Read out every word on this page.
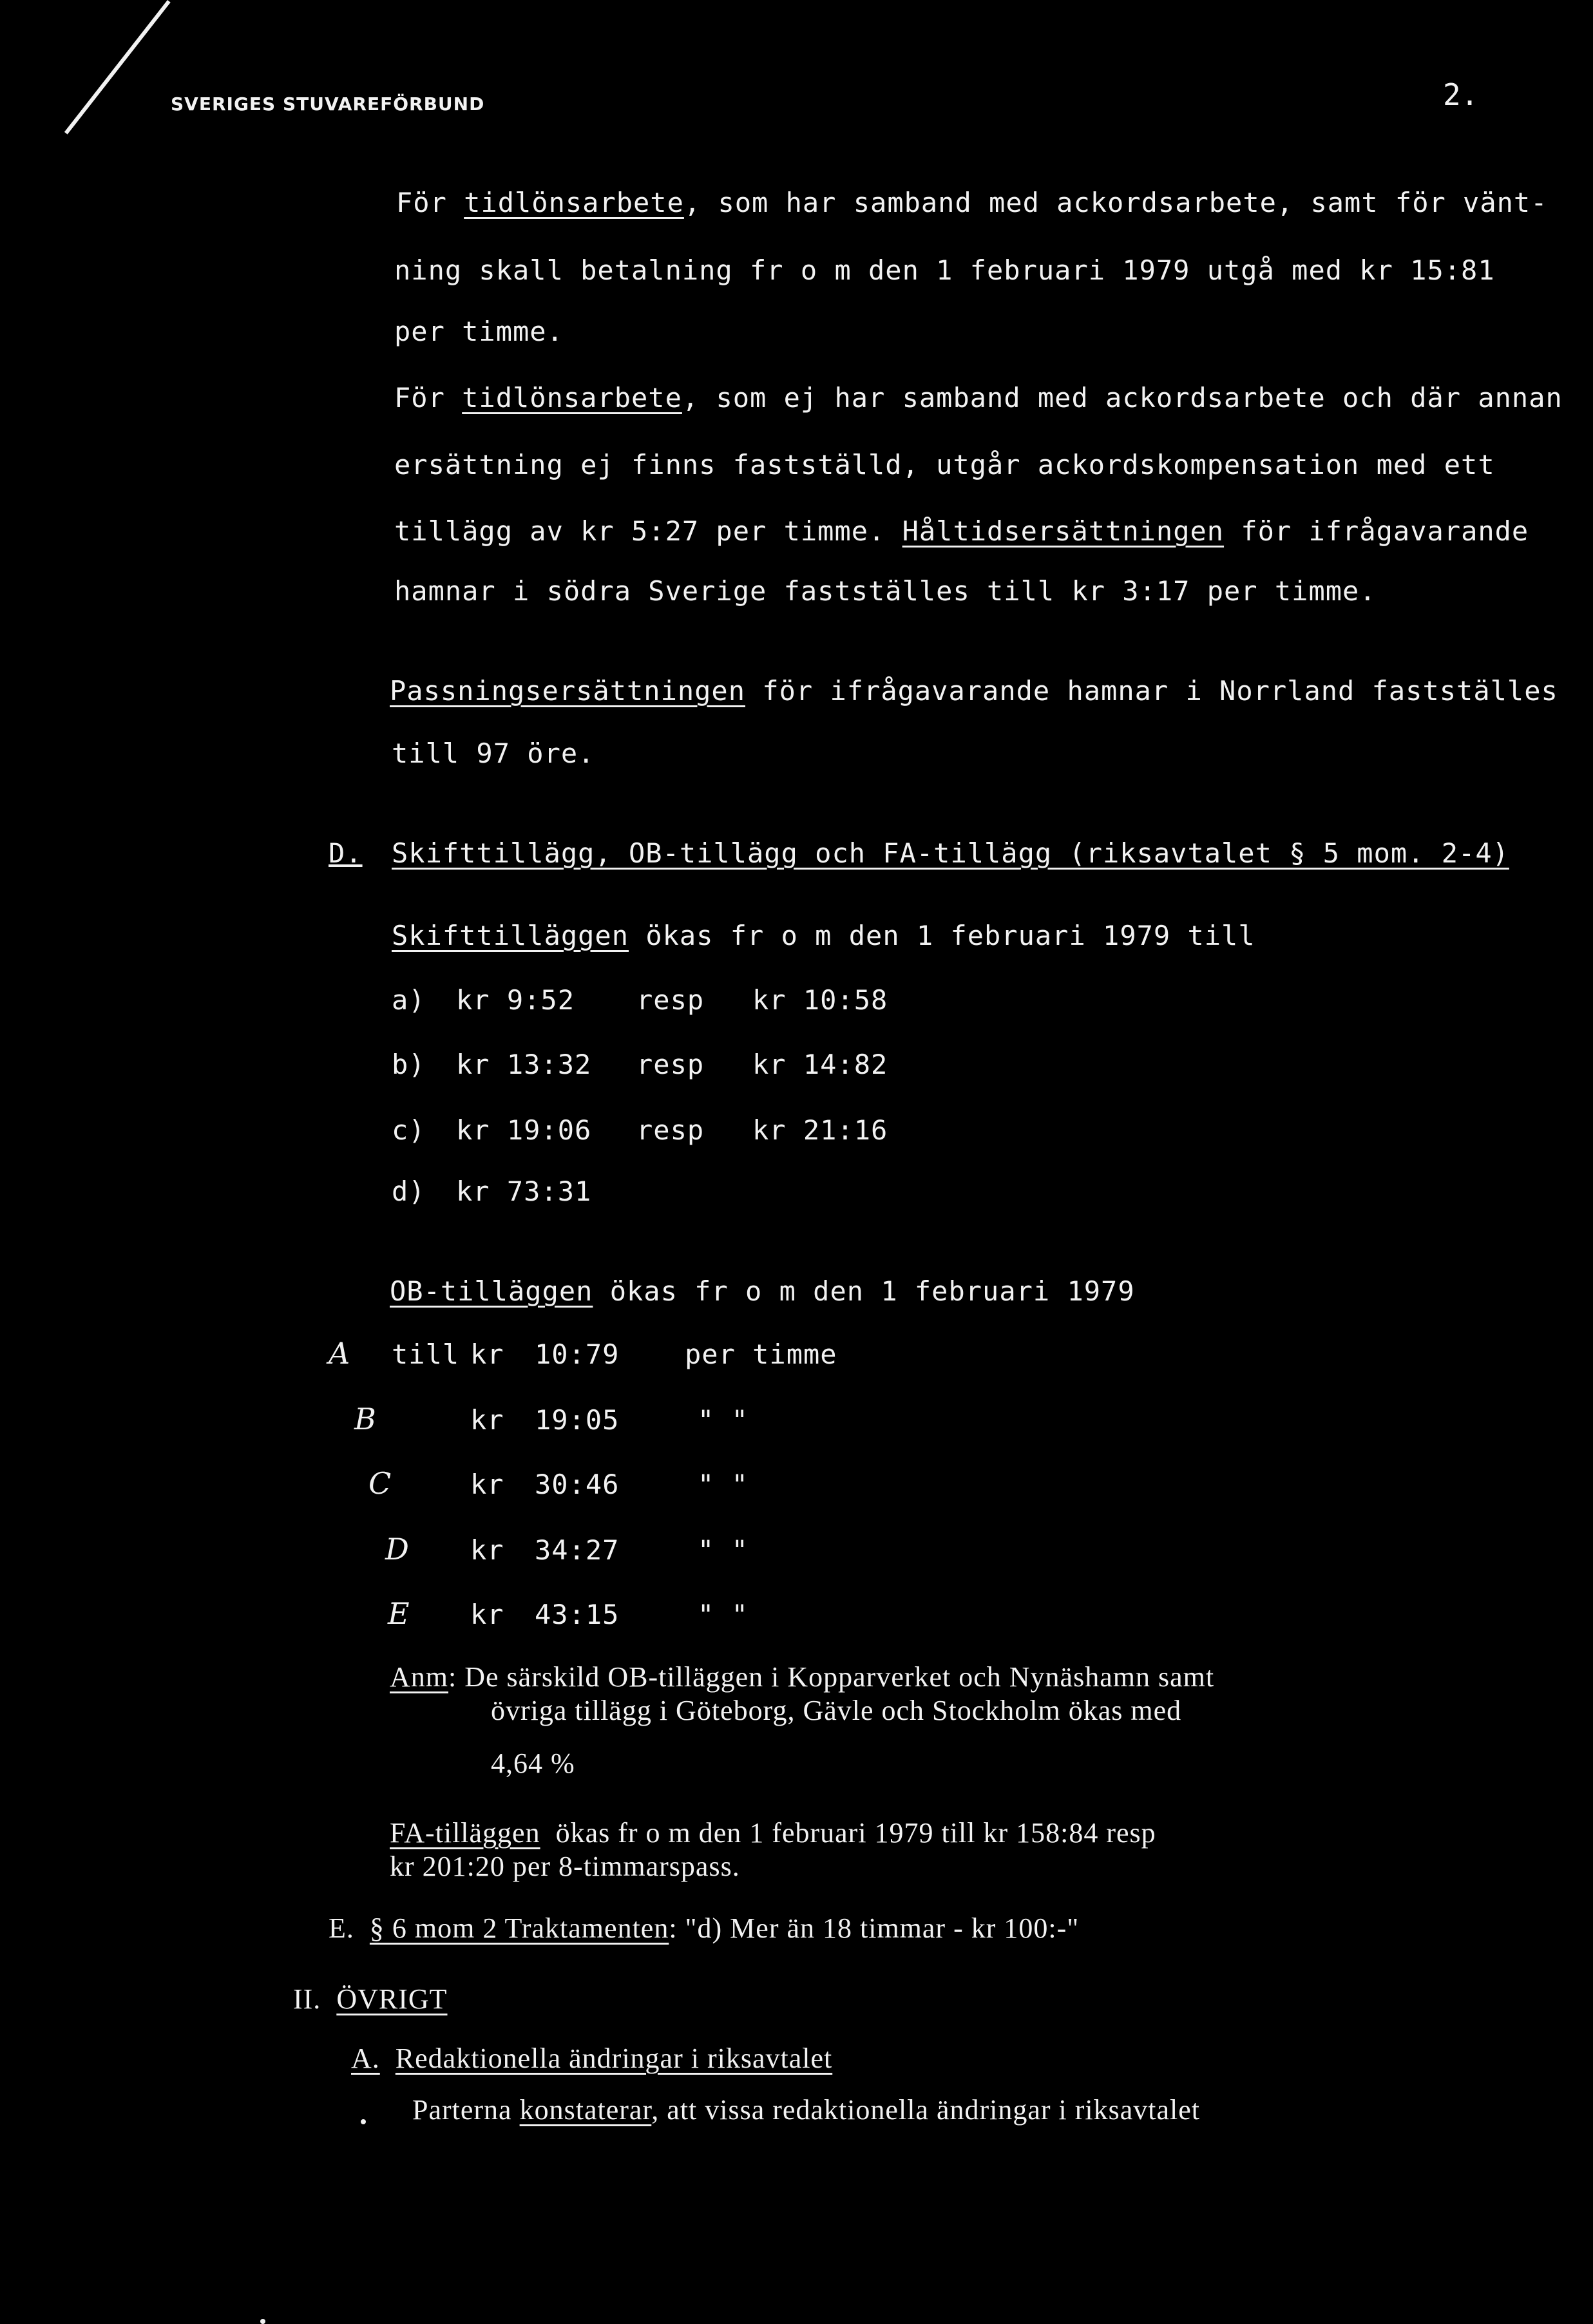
SVERIGES STUVAREFÖRBUND	2.
För tidlönsarbete, som har samband med ackordsarbete, samt för vänt-
ning skall betalning fr o m den 1 februari 1979 utgå med kr 15:81
per timme.
För tidlönsarbete, som ej har samband med ackordsarbete och där annan
ersättning ej finns fastställd, utgår ackordskompensation med ett
tillägg av kr 5:27 per timme. Håltidsersättningen för ifrågavarande
hamnar i södra Sverige fastställes till kr 3:17 per timme.
Passningsersättningen för ifrågavarande hamnar i Norrland fastställes
till 97 öre.
D. Skifttillägg, OB-tillägg och FA-tillägg (riksavtalet § 5 mom. 2-4)
Skifttilläggen ökas fr o m den 1 februari 1979 till
a) kr 9:52 resp kr 10:58
b) kr 13:32 resp kr 14:82
c) kr 19:06 resp kr 21:16
d) kr 73:31
OB-tilläggen ökas fr o m den 1 februari 1979
A till kr 10:79 per timme
B	kr 19:05	" "
C	kr 30:46	" "
D kr 34:27	" "
E kr 43:15	" "
Anm: De särskild OB-tilläggen i Kopparverket och Nynäshamn samt
övriga tillägg i Göteborg, Gävle och Stockholm ökas med
4,64 %
FA-tilläggen ökas fr o m den 1 februari 1979 till kr 158:84 resp
kr 201:20 per 8-timmarspass.
E. § 6 mom 2 Traktamenten: "d) Mer än 18 timmar - kr 100:-"
II. ÖVRIGT
A. Redaktionella ändringar i riksavtalet
Parterna konstaterar, att vissa redaktionella ändringar i riksavtalet
